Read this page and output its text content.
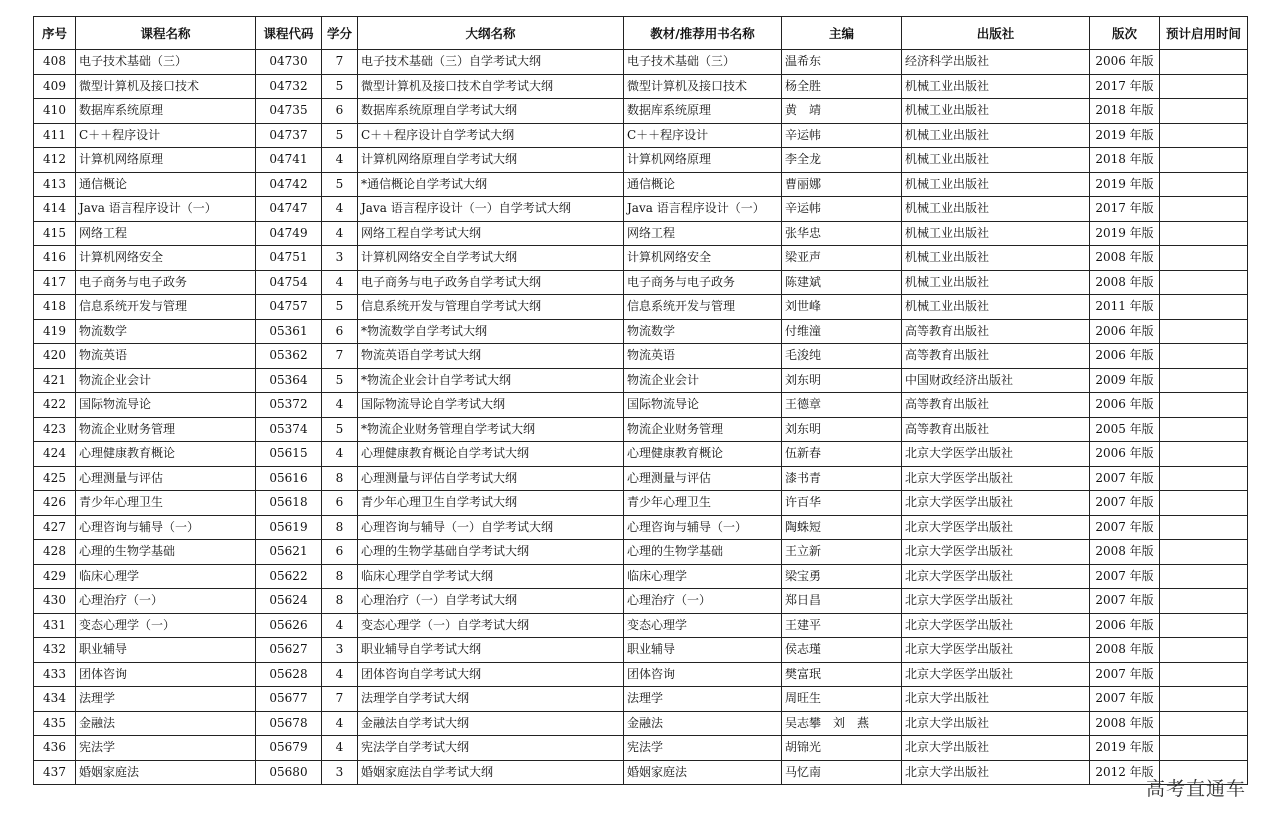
序号	课程名称	课程代码	学分	大纲名称	教材/推荐用书名称	主编	出版社	版次	预计启用时间
408	电子技术基础（三）	04730	7	电子技术基础（三）自学考试大纲	电子技术基础（三）	温希东	经济科学出版社	2006 年版	
409	微型计算机及接口技术	04732	5	微型计算机及接口技术自学考试大纲	微型计算机及接口技术	杨全胜	机械工业出版社	2017 年版	
410	数据库系统原理	04735	6	数据库系统原理自学考试大纲	数据库系统原理	黄　靖	机械工业出版社	2018 年版	
411	C＋＋程序设计	04737	5	C＋＋程序设计自学考试大纲	C＋＋程序设计	辛运帏	机械工业出版社	2019 年版	
412	计算机网络原理	04741	4	计算机网络原理自学考试大纲	计算机网络原理	李全龙	机械工业出版社	2018 年版	
413	通信概论	04742	5	*通信概论自学考试大纲	通信概论	曹丽娜	机械工业出版社	2019 年版	
414	Java 语言程序设计（一）	04747	4	Java 语言程序设计（一）自学考试大纲	Java 语言程序设计（一）	辛运帏	机械工业出版社	2017 年版	
415	网络工程	04749	4	网络工程自学考试大纲	网络工程	张华忠	机械工业出版社	2019 年版	
416	计算机网络安全	04751	3	计算机网络安全自学考试大纲	计算机网络安全	梁亚声	机械工业出版社	2008 年版	
417	电子商务与电子政务	04754	4	电子商务与电子政务自学考试大纲	电子商务与电子政务	陈建斌	机械工业出版社	2008 年版	
418	信息系统开发与管理	04757	5	信息系统开发与管理自学考试大纲	信息系统开发与管理	刘世峰	机械工业出版社	2011 年版	
419	物流数学	05361	6	*物流数学自学考试大纲	物流数学	付维潼	高等教育出版社	2006 年版	
420	物流英语	05362	7	物流英语自学考试大纲	物流英语	毛浚纯	高等教育出版社	2006 年版	
421	物流企业会计	05364	5	*物流企业会计自学考试大纲	物流企业会计	刘东明	中国财政经济出版社	2009 年版	
422	国际物流导论	05372	4	国际物流导论自学考试大纲	国际物流导论	王德章	高等教育出版社	2006 年版	
423	物流企业财务管理	05374	5	*物流企业财务管理自学考试大纲	物流企业财务管理	刘东明	高等教育出版社	2005 年版	
424	心理健康教育概论	05615	4	心理健康教育概论自学考试大纲	心理健康教育概论	伍新春	北京大学医学出版社	2006 年版	
425	心理测量与评估	05616	8	心理测量与评估自学考试大纲	心理测量与评估	漆书青	北京大学医学出版社	2007 年版	
426	青少年心理卫生	05618	6	青少年心理卫生自学考试大纲	青少年心理卫生	许百华	北京大学医学出版社	2007 年版	
427	心理咨询与辅导（一）	05619	8	心理咨询与辅导（一）自学考试大纲	心理咨询与辅导（一）	陶蛛短	北京大学医学出版社	2007 年版	
428	心理的生物学基础	05621	6	心理的生物学基础自学考试大纲	心理的生物学基础	王立新	北京大学医学出版社	2008 年版	
429	临床心理学	05622	8	临床心理学自学考试大纲	临床心理学	梁宝勇	北京大学医学出版社	2007 年版	
430	心理治疗（一）	05624	8	心理治疗（一）自学考试大纲	心理治疗（一）	郑日昌	北京大学医学出版社	2007 年版	
431	变态心理学（一）	05626	4	变态心理学（一）自学考试大纲	变态心理学	王建平	北京大学医学出版社	2006 年版	
432	职业辅导	05627	3	职业辅导自学考试大纲	职业辅导	侯志瑾	北京大学医学出版社	2008 年版	
433	团体咨询	05628	4	团体咨询自学考试大纲	团体咨询	樊富珉	北京大学医学出版社	2007 年版	
434	法理学	05677	7	法理学自学考试大纲	法理学	周旺生	北京大学出版社	2007 年版	
435	金融法	05678	4	金融法自学考试大纲	金融法	吴志攀　刘　燕	北京大学出版社	2008 年版	
436	宪法学	05679	4	宪法学自学考试大纲	宪法学	胡锦光	北京大学出版社	2019 年版	
437	婚姻家庭法	05680	3	婚姻家庭法自学考试大纲	婚姻家庭法	马忆南	北京大学出版社	2012 年版	
高考直通车
